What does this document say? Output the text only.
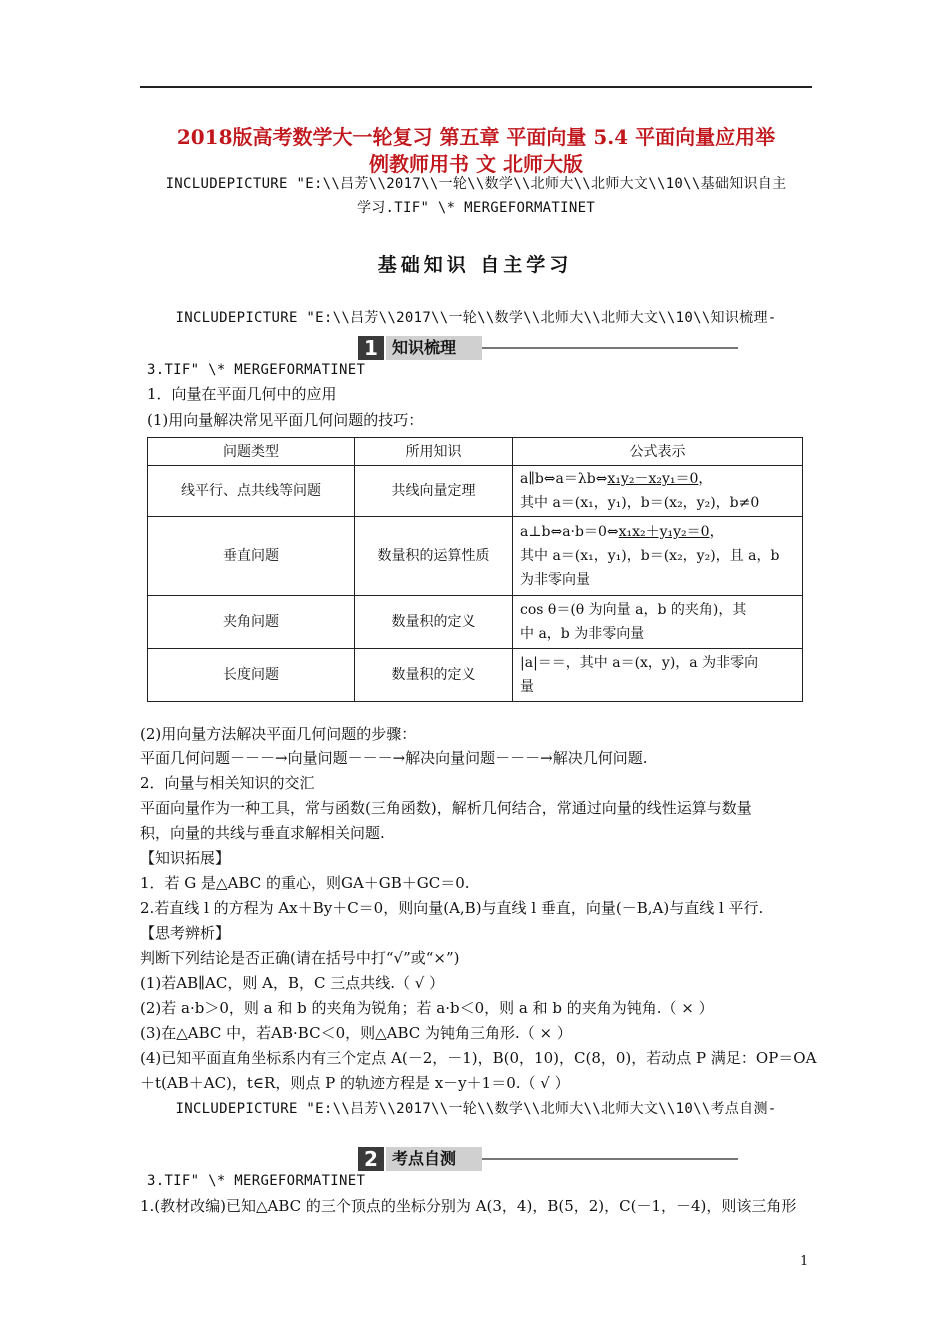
2018版高考数学大一轮复习 第五章 平面向量 5.4 平面向量应用举
例教师用书 文 北师大版
INCLUDEPICTURE "E:\\吕芳\\2017\\一轮\\数学\\北师大\\北师大文\\10\\基础知识自主
学习.TIF" \* MERGEFORMATINET
基础知识 自主学习
INCLUDEPICTURE "E:\\吕芳\\2017\\一轮\\数学\\北师大\\北师大文\\10\\知识梳理-
1 知识梳理
3.TIF" \* MERGEFORMATINET
1．向量在平面几何中的应用
(1)用向量解决常见平面几何问题的技巧：
问题类型	所用知识	公式表示
线平行、点共线等问题	共线向量定理	a∥b⇔a＝λb⇔x₁y₂－x₂y₁＝0，
其中 a＝(x₁，y₁)，b＝(x₂，y₂)，b≠0

垂直问题	数量积的运算性质	a⊥b⇔a·b＝0⇔x₁x₂＋y₁y₂＝0，
其中 a＝(x₁，y₁)，b＝(x₂，y₂)，且 a，b
为非零向量

夹角问题	数量积的定义	cos θ＝(θ 为向量 a，b 的夹角)，其
中 a，b 为非零向量

长度问题	数量积的定义	|a|＝＝，其中 a＝(x，y)，a 为非零向
量
(2)用向量方法解决平面几何问题的步骤：
平面几何问题－－－→向量问题－－－→解决向量问题－－－→解决几何问题.
2．向量与相关知识的交汇
平面向量作为一种工具，常与函数(三角函数)，解析几何结合，常通过向量的线性运算与数量
积，向量的共线与垂直求解相关问题.
【知识拓展】
1．若 G 是△ABC 的重心，则GA＋GB＋GC＝0.
2.若直线 l 的方程为 Ax＋By＋C＝0，则向量(A,B)与直线 l 垂直，向量(－B,A)与直线 l 平行.
【思考辨析】
判断下列结论是否正确(请在括号中打“√”或“×”)
(1)若AB∥AC，则 A，B，C 三点共线.（ √ ）
(2)若 a·b＞0，则 a 和 b 的夹角为锐角；若 a·b＜0，则 a 和 b 的夹角为钝角.（ × ）
(3)在△ABC 中，若AB·BC＜0，则△ABC 为钝角三角形.（ × ）
(4)已知平面直角坐标系内有三个定点 A(－2，－1)，B(0，10)，C(8，0)，若动点 P 满足：OP＝OA
＋t(AB＋AC)，t∈R，则点 P 的轨迹方程是 x－y＋1＝0.（ √ ）
INCLUDEPICTURE "E:\\吕芳\\2017\\一轮\\数学\\北师大\\北师大文\\10\\考点自测-
2 考点自测
3.TIF" \* MERGEFORMATINET
1.(教材改编)已知△ABC 的三个顶点的坐标分别为 A(3，4)，B(5，2)，C(－1，－4)，则该三角形
1
